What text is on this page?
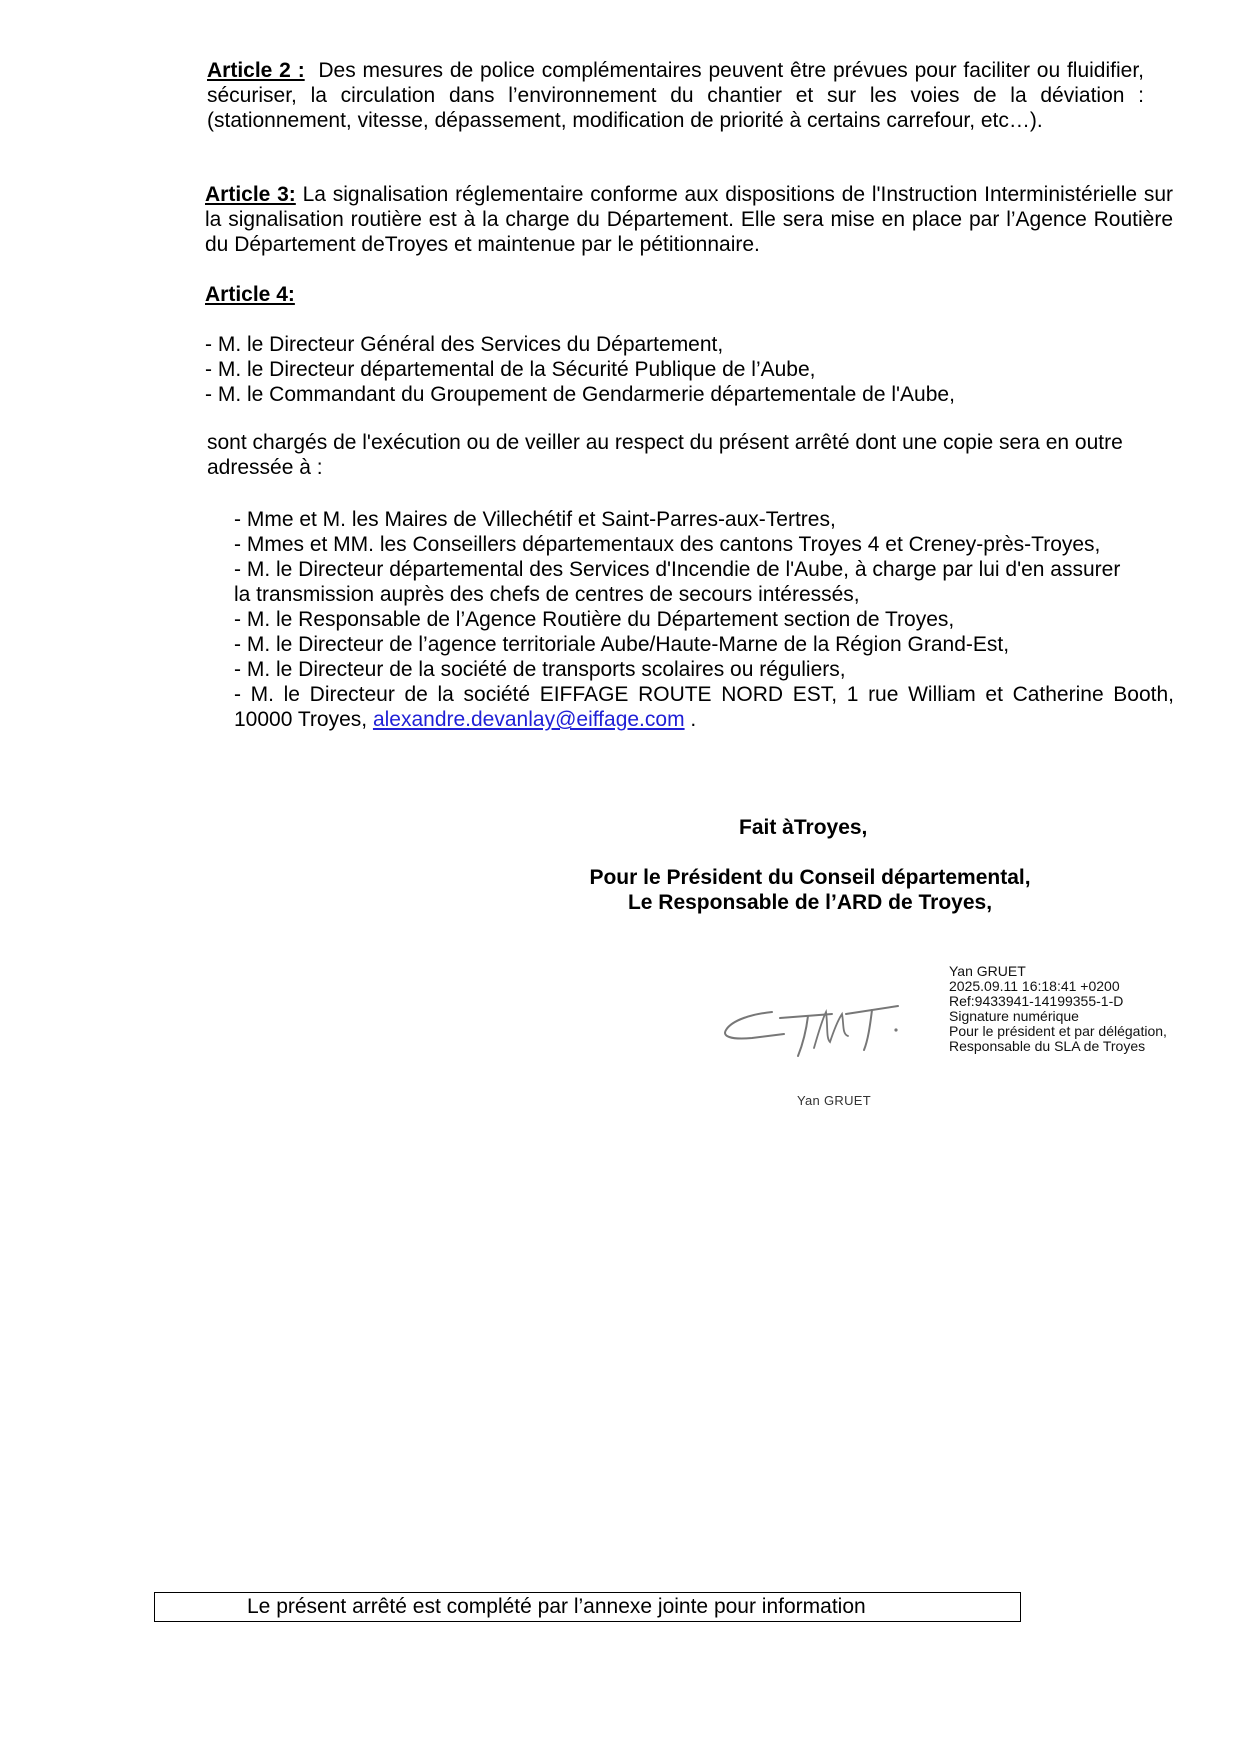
Article 2 : Des mesures de police complémentaires peuvent être prévues pour faciliter ou fluidifier, sécuriser, la circulation dans l’environnement du chantier et sur les voies de la déviation : (stationnement, vitesse, dépassement, modification de priorité à certains carrefour, etc…).
Article 3: La signalisation réglementaire conforme aux dispositions de l'Instruction Interministérielle sur la signalisation routière est à la charge du Département. Elle sera mise en place par l’Agence Routière du Département deTroyes et maintenue par le pétitionnaire.
Article 4:
- M. le Directeur Général des Services du Département,
- M. le Directeur départemental de la Sécurité Publique de l’Aube,
- M. le Commandant du Groupement de Gendarmerie départementale de l'Aube,
sont chargés de l'exécution ou de veiller au respect du présent arrêté dont une copie sera en outre adressée à :
- Mme et M. les Maires de Villechétif et Saint-Parres-aux-Tertres,
- Mmes et MM. les Conseillers départementaux des cantons Troyes 4 et Creney-près-Troyes,
- M. le Directeur départemental des Services d'Incendie de l'Aube, à charge par lui d'en assurer la transmission auprès des chefs de centres de secours intéressés,
- M. le Responsable de l’Agence Routière du Département section de Troyes,
- M. le Directeur de l’agence territoriale Aube/Haute-Marne de la Région Grand-Est,
- M. le Directeur de la société de transports scolaires ou réguliers,
- M. le Directeur de la société EIFFAGE ROUTE NORD EST, 1 rue William et Catherine Booth, 10000 Troyes, alexandre.devanlay@eiffage.com .
Fait àTroyes,
Pour le Président du Conseil départemental,
Le Responsable de l’ARD de Troyes,
Yan GRUET
2025.09.11 16:18:41 +0200
Ref:9433941-14199355-1-D
Signature numérique
Pour le président et par délégation,
Responsable du SLA de Troyes
Yan GRUET
Le présent arrêté est complété par l’annexe jointe pour information
